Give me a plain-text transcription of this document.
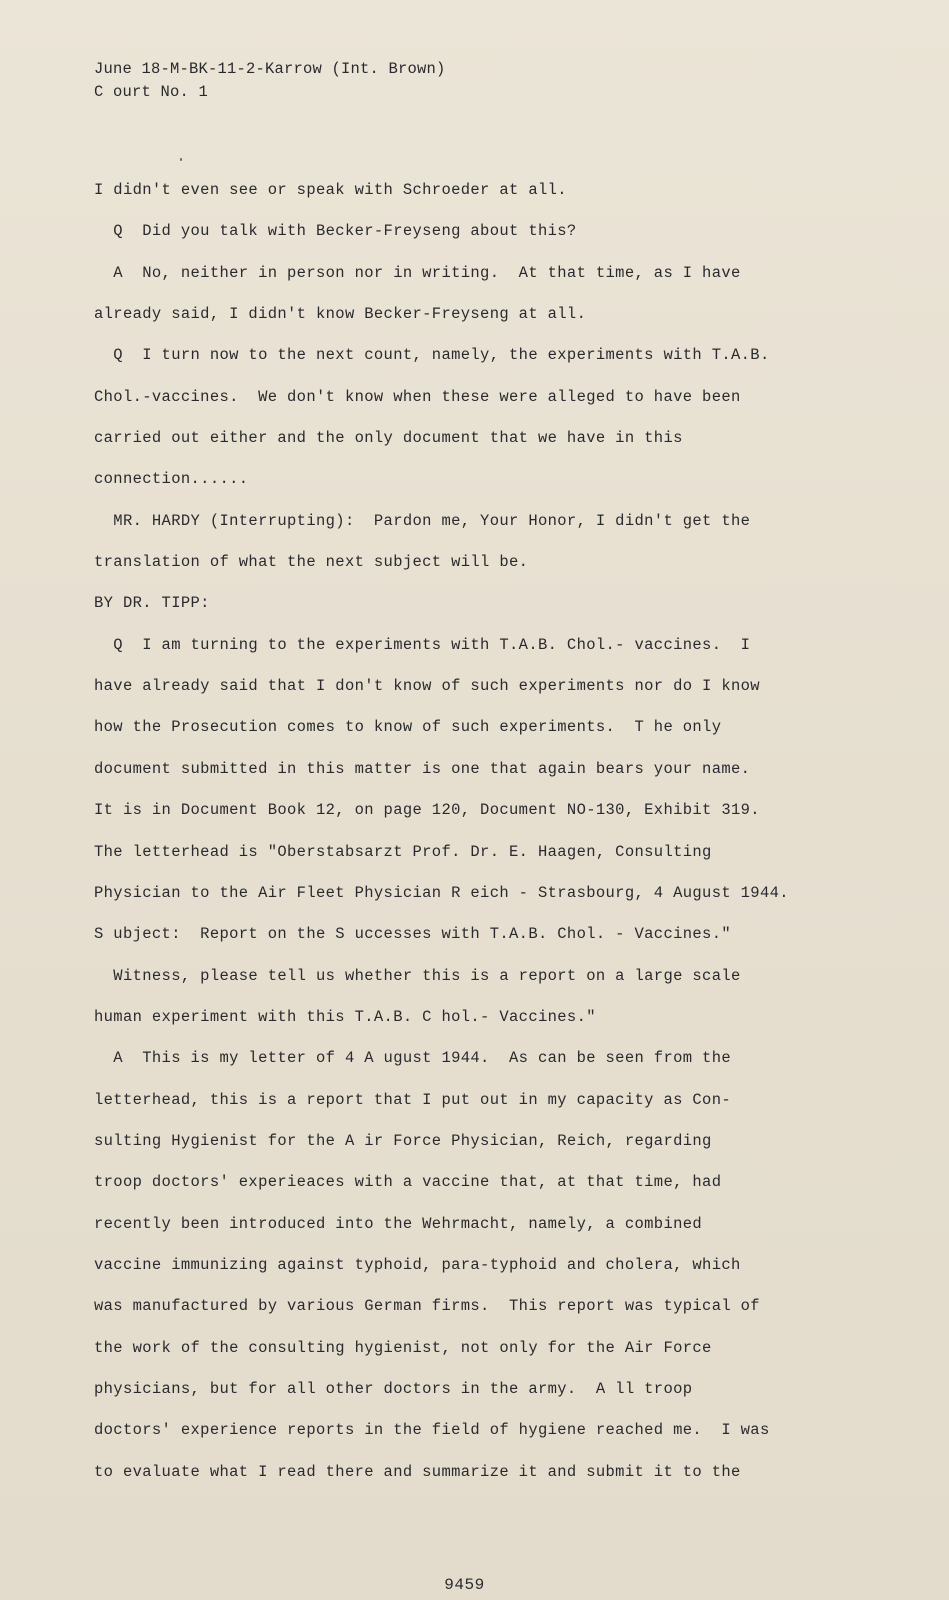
June 18-M-BK-11-2-Karrow (Int. Brown)
C ourt No. 1
I didn't even see or speak with Schroeder at all.
Q  Did you talk with Becker-Freyseng about this?
A  No, neither in person nor in writing.  At that time, as I have
already said, I didn't know Becker-Freyseng at all.
Q  I turn now to the next count, namely, the experiments with T.A.B.
Chol.-vaccines.  We don't know when these were alleged to have been
carried out either and the only document that we have in this
connection......
MR. HARDY (Interrupting):  Pardon me, Your Honor, I didn't get the
translation of what the next subject will be.
BY DR. TIPP:
Q  I am turning to the experiments with T.A.B. Chol.- vaccines.  I
have already said that I don't know of such experiments nor do I know
how the Prosecution comes to know of such experiments.  T he only
document submitted in this matter is one that again bears your name.
It is in Document Book 12, on page 120, Document NO-130, Exhibit 319.
The letterhead is "Oberstabsarzt Prof. Dr. E. Haagen, Consulting
Physician to the Air Fleet Physician R eich - Strasbourg, 4 August 1944.
S ubject:  Report on the S uccesses with T.A.B. Chol. - Vaccines."
Witness, please tell us whether this is a report on a large scale
human experiment with this T.A.B. C hol.- Vaccines."
A  This is my letter of 4 A ugust 1944.  As can be seen from the
letterhead, this is a report that I put out in my capacity as Con-
sulting Hygienist for the A ir Force Physician, Reich, regarding
troop doctors' experieaces with a vaccine that, at that time, had
recently been introduced into the Wehrmacht, namely, a combined
vaccine immunizing against typhoid, para-typhoid and cholera, which
was manufactured by various German firms.  This report was typical of
the work of the consulting hygienist, not only for the Air Force
physicians, but for all other doctors in the army.  A ll troop
doctors' experience reports in the field of hygiene reached me.  I was
to evaluate what I read there and summarize it and submit it to the
9459
